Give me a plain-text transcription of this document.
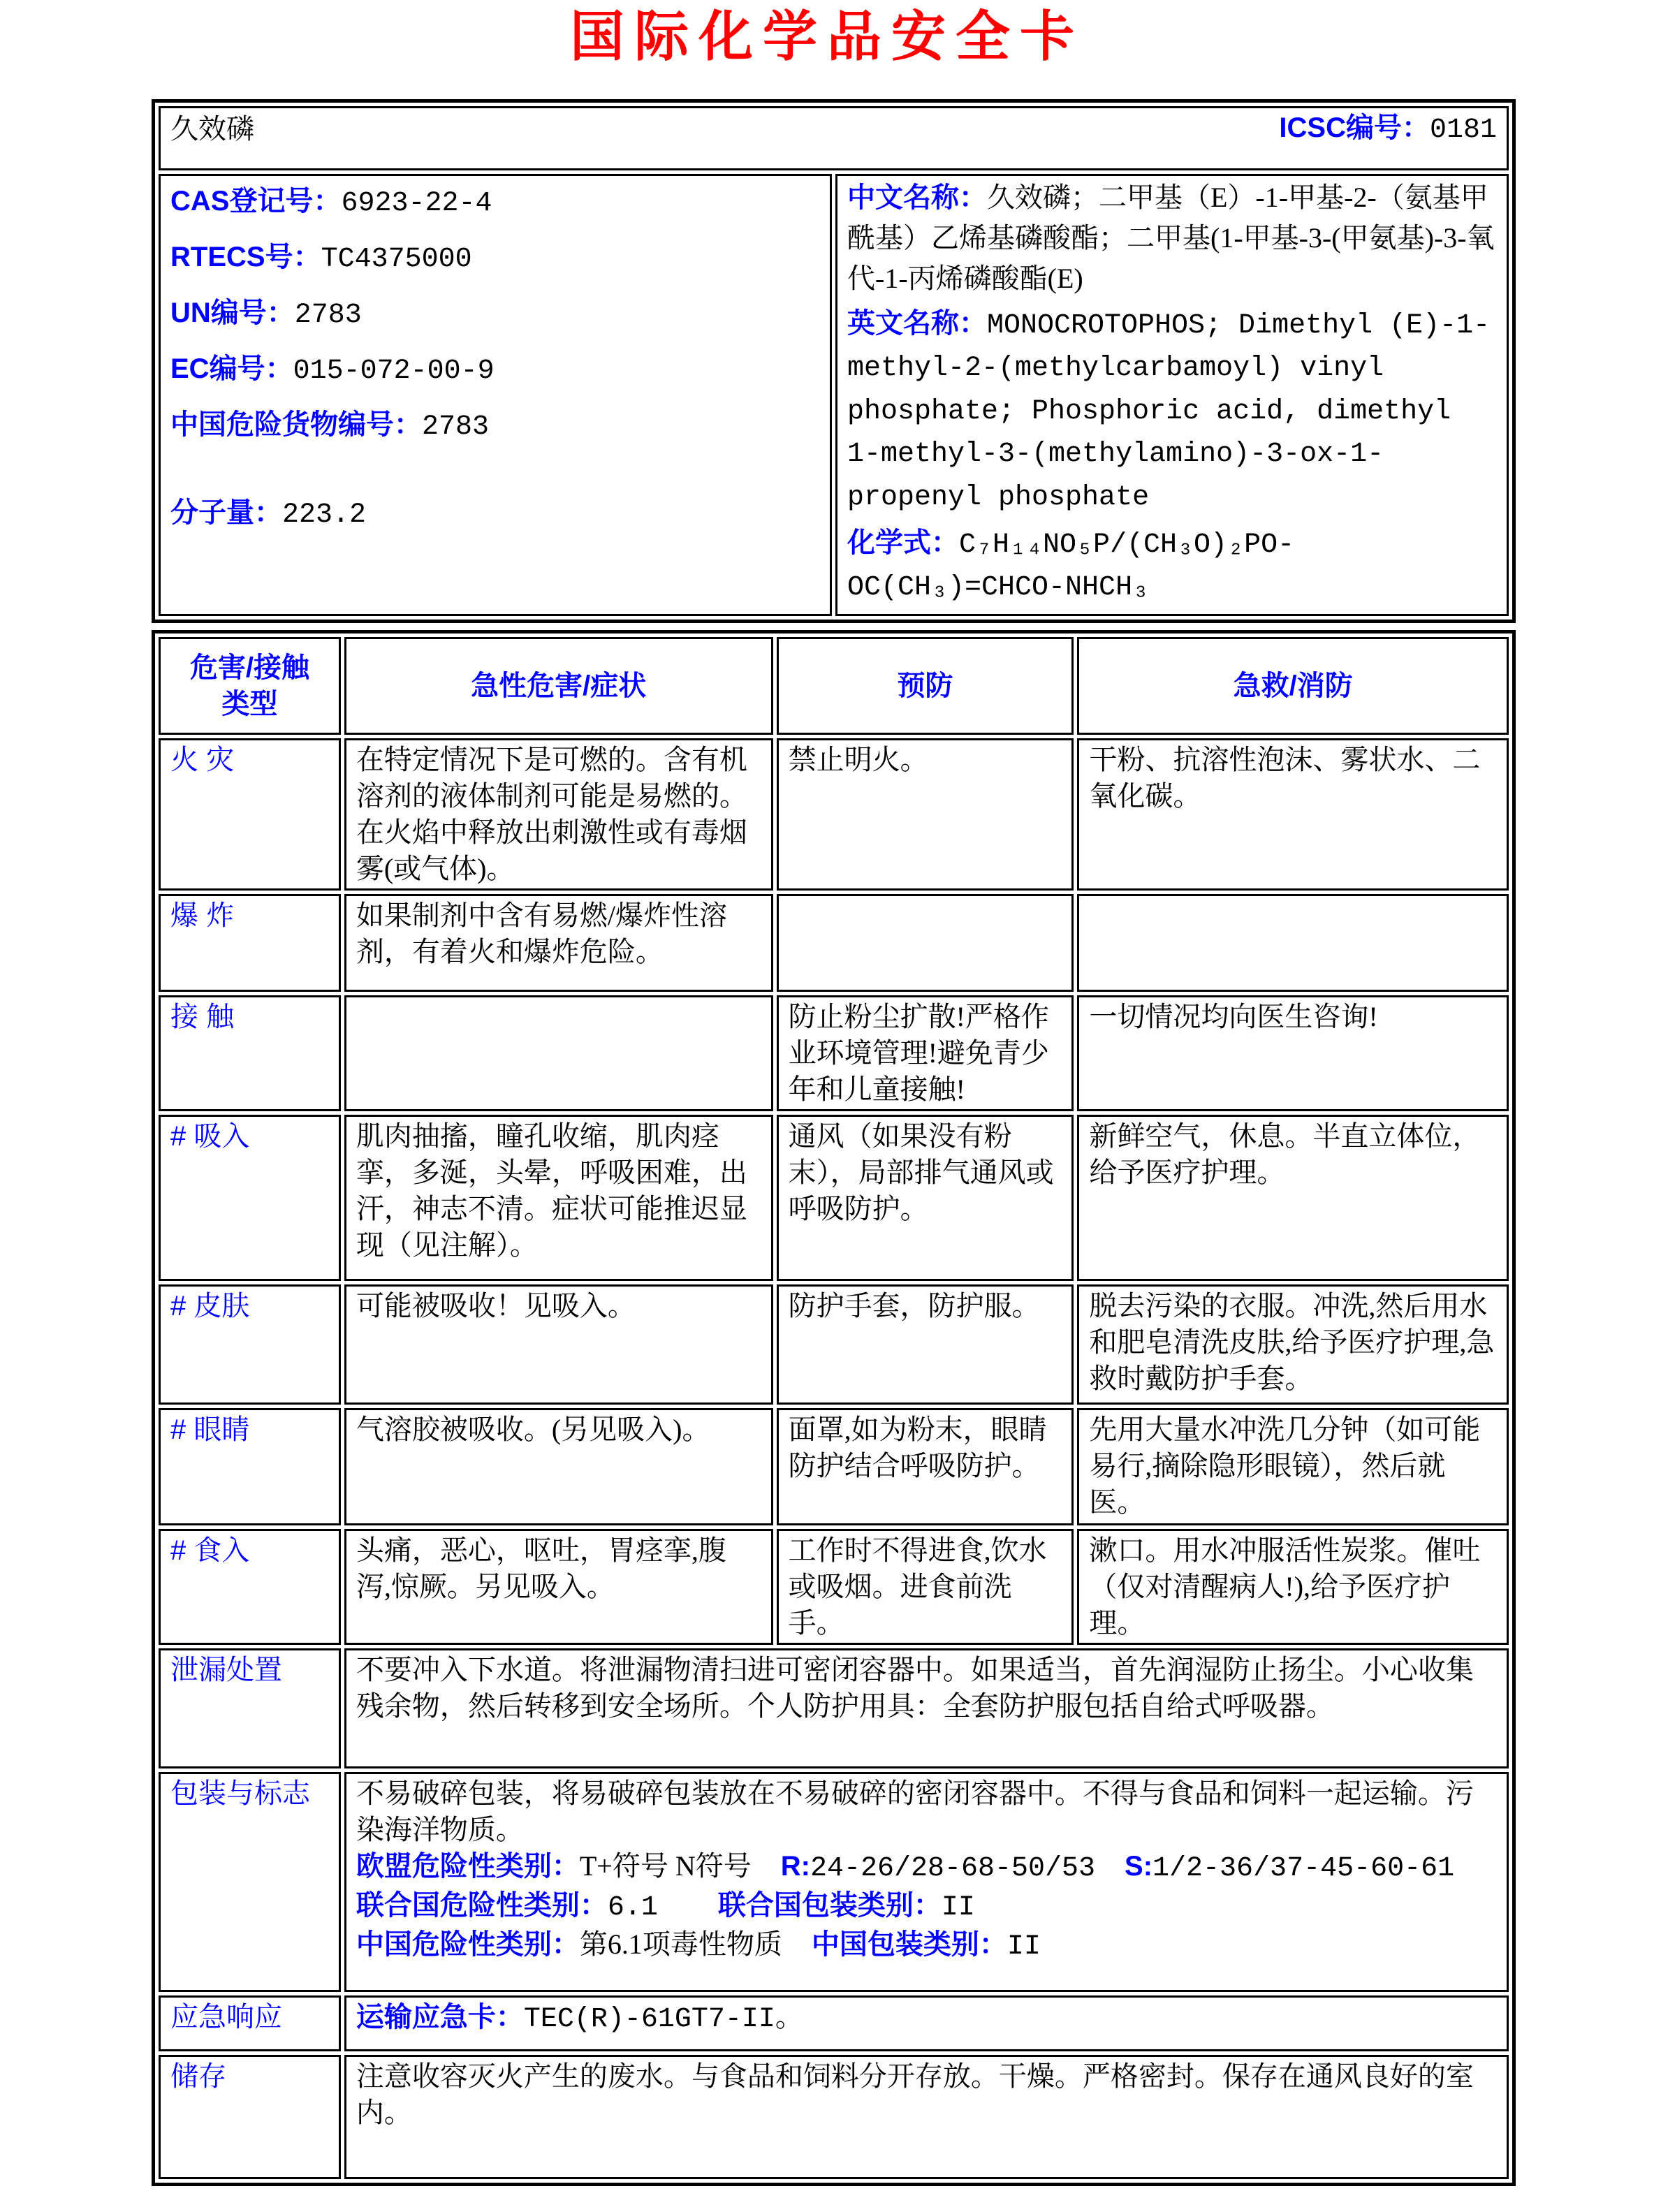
国际化学品安全卡
久效磷	ICSC编号：0181

CAS登记号：6923-22-4
RTECS号：TC4375000
UN编号：2783
EC编号：015-072-00-9
中国危险货物编号：2783
分子量：223.2

中文名称：久效磷；二甲基（E）-1-甲基-2-（氨基甲酰基）乙烯基磷酸酯；二甲基(1-甲基-3-(甲氨基)-3-氧代-1-丙烯磷酸酯(E)

英文名称：MONOCROTOPHOS; Dimethyl (E)-1-methyl-2-(methylcarbamoyl) vinyl phosphate; Phosphoric acid, dimethyl 1-methyl-3-(methylamino)-3-ox-1-propenyl phosphate

化学式：C₇H₁₄NO₅P/(CH₃O)₂PO-OC(CH₃)=CHCO-NHCH₃

危害/接触
类型	急性危害/症状	预防	急救/消防
火 灾	在特定情况下是可燃的。含有机溶剂的液体制剂可能是易燃的。在火焰中释放出刺激性或有毒烟雾(或气体)。	禁止明火。	干粉、抗溶性泡沫、雾状水、二氧化碳。
爆 炸	如果制剂中含有易燃/爆炸性溶剂，有着火和爆炸危险。		
接 触		防止粉尘扩散!严格作业环境管理!避免青少年和儿童接触!	一切情况均向医生咨询!
# 吸入	肌肉抽搐，瞳孔收缩，肌肉痉挛，多涎，头晕，呼吸困难，出汗，神志不清。症状可能推迟显现（见注解）。	通风（如果没有粉末），局部排气通风或呼吸防护。	新鲜空气，休息。半直立体位，给予医疗护理。
# 皮肤	可能被吸收！见吸入。	防护手套，防护服。	脱去污染的衣服。冲洗,然后用水和肥皂清洗皮肤,给予医疗护理,急救时戴防护手套。
# 眼睛	气溶胶被吸收。(另见吸入)。	面罩,如为粉末，眼睛防护结合呼吸防护。	先用大量水冲洗几分钟（如可能易行,摘除隐形眼镜），然后就医。
# 食入	头痛，恶心，呕吐，胃痉挛,腹泻,惊厥。另见吸入。	工作时不得进食,饮水或吸烟。进食前洗手。	漱口。用水冲服活性炭浆。催吐（仅对清醒病人!),给予医疗护理。
泄漏处置	不要冲入下水道。将泄漏物清扫进可密闭容器中。如果适当，首先润湿防止扬尘。小心收集残余物，然后转移到安全场所。个人防护用具：全套防护服包括自给式呼吸器。		
包装与标志	不易破碎包装，将易破碎包装放在不易破碎的密闭容器中。不得与食品和饲料一起运输。污染海洋物质。
欧盟危险性类别：T+符号 N符号 R:24-26/28-68-50/53 S:1/2-36/37-45-60-61
联合国危险性类别：6.1 联合国包装类别：II
中国危险性类别：第6.1项毒性物质 中国包装类别：II		

应急响应	运输应急卡：TEC(R)-61GT7-II。		
储存	注意收容灭火产生的废水。与食品和饲料分开存放。干燥。严格密封。保存在通风良好的室内。		
